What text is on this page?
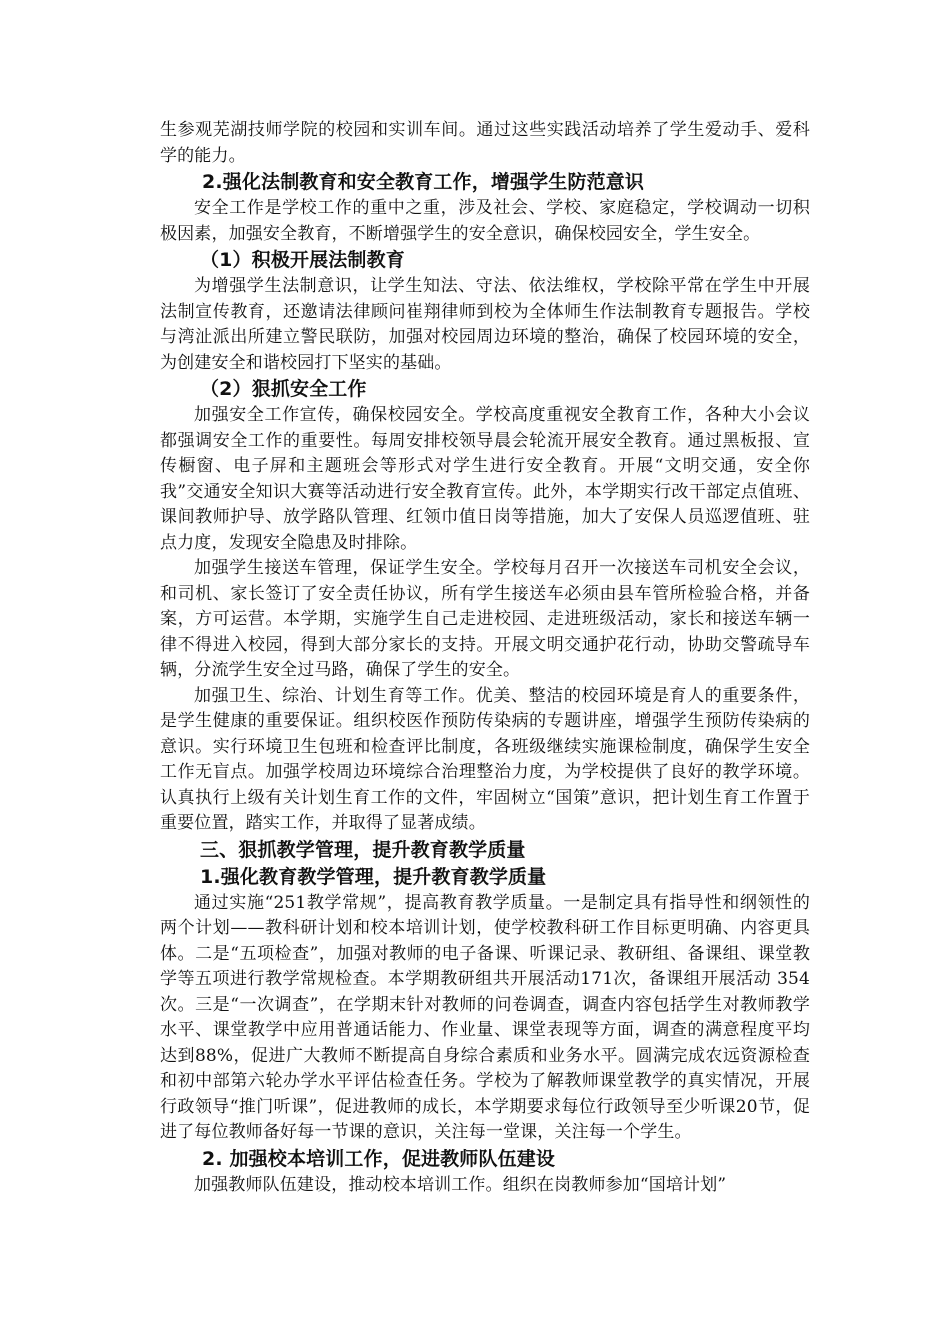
生参观芜湖技师学院的校园和实训车间。通过这些实践活动培养了学生爱动手、爱科学的能力。

2.强化法制教育和安全教育工作，增强学生防范意识

安全工作是学校工作的重中之重，涉及社会、学校、家庭稳定，学校调动一切积极因素，加强安全教育，不断增强学生的安全意识，确保校园安全，学生安全。

（1）积极开展法制教育

为增强学生法制意识，让学生知法、守法、依法维权，学校除平常在学生中开展法制宣传教育，还邀请法律顾问崔翔律师到校为全体师生作法制教育专题报告。学校与湾沚派出所建立警民联防，加强对校园周边环境的整治，确保了校园环境的安全，为创建安全和谐校园打下坚实的基础。

（2）狠抓安全工作

加强安全工作宣传，确保校园安全。学校高度重视安全教育工作，各种大小会议都强调安全工作的重要性。每周安排校领导晨会轮流开展安全教育。通过黑板报、宣传橱窗、电子屏和主题班会等形式对学生进行安全教育。开展“文明交通，安全你我”交通安全知识大赛等活动进行安全教育宣传。此外，本学期实行改干部定点值班、课间教师护导、放学路队管理、红领巾值日岗等措施，加大了安保人员巡逻值班、驻点力度，发现安全隐患及时排除。

加强学生接送车管理，保证学生安全。学校每月召开一次接送车司机安全会议，和司机、家长签订了安全责任协议，所有学生接送车必须由县车管所检验合格，并备案，方可运营。本学期，实施学生自己走进校园、走进班级活动，家长和接送车辆一律不得进入校园，得到大部分家长的支持。开展文明交通护花行动，协助交警疏导车辆，分流学生安全过马路，确保了学生的安全。

加强卫生、综治、计划生育等工作。优美、整洁的校园环境是育人的重要条件，是学生健康的重要保证。组织校医作预防传染病的专题讲座，增强学生预防传染病的意识。实行环境卫生包班和检查评比制度，各班级继续实施课检制度，确保学生安全工作无盲点。加强学校周边环境综合治理整治力度，为学校提供了良好的教学环境。认真执行上级有关计划生育工作的文件，牢固树立“国策”意识，把计划生育工作置于重要位置，踏实工作，并取得了显著成绩。

三、狠抓教学管理，提升教育教学质量

1.强化教育教学管理，提升教育教学质量

通过实施“251教学常规”，提高教育教学质量。一是制定具有指导性和纲领性的两个计划——教科研计划和校本培训计划，使学校教科研工作目标更明确、内容更具体。二是“五项检查”，加强对教师的电子备课、听课记录、教研组、备课组、课堂教学等五项进行教学常规检查。本学期教研组共开展活动171次，备课组开展活动 354次。三是“一次调查”，在学期末针对教师的问卷调查，调查内容包括学生对教师教学水平、课堂教学中应用普通话能力、作业量、课堂表现等方面，调查的满意程度平均达到88%，促进广大教师不断提高自身综合素质和业务水平。圆满完成农远资源检查和初中部第六轮办学水平评估检查任务。学校为了解教师课堂教学的真实情况，开展行政领导“推门听课”，促进教师的成长，本学期要求每位行政领导至少听课20节，促进了每位教师备好每一节课的意识，关注每一堂课，关注每一个学生。

2. 加强校本培训工作，促进教师队伍建设

加强教师队伍建设，推动校本培训工作。组织在岗教师参加“国培计划”
